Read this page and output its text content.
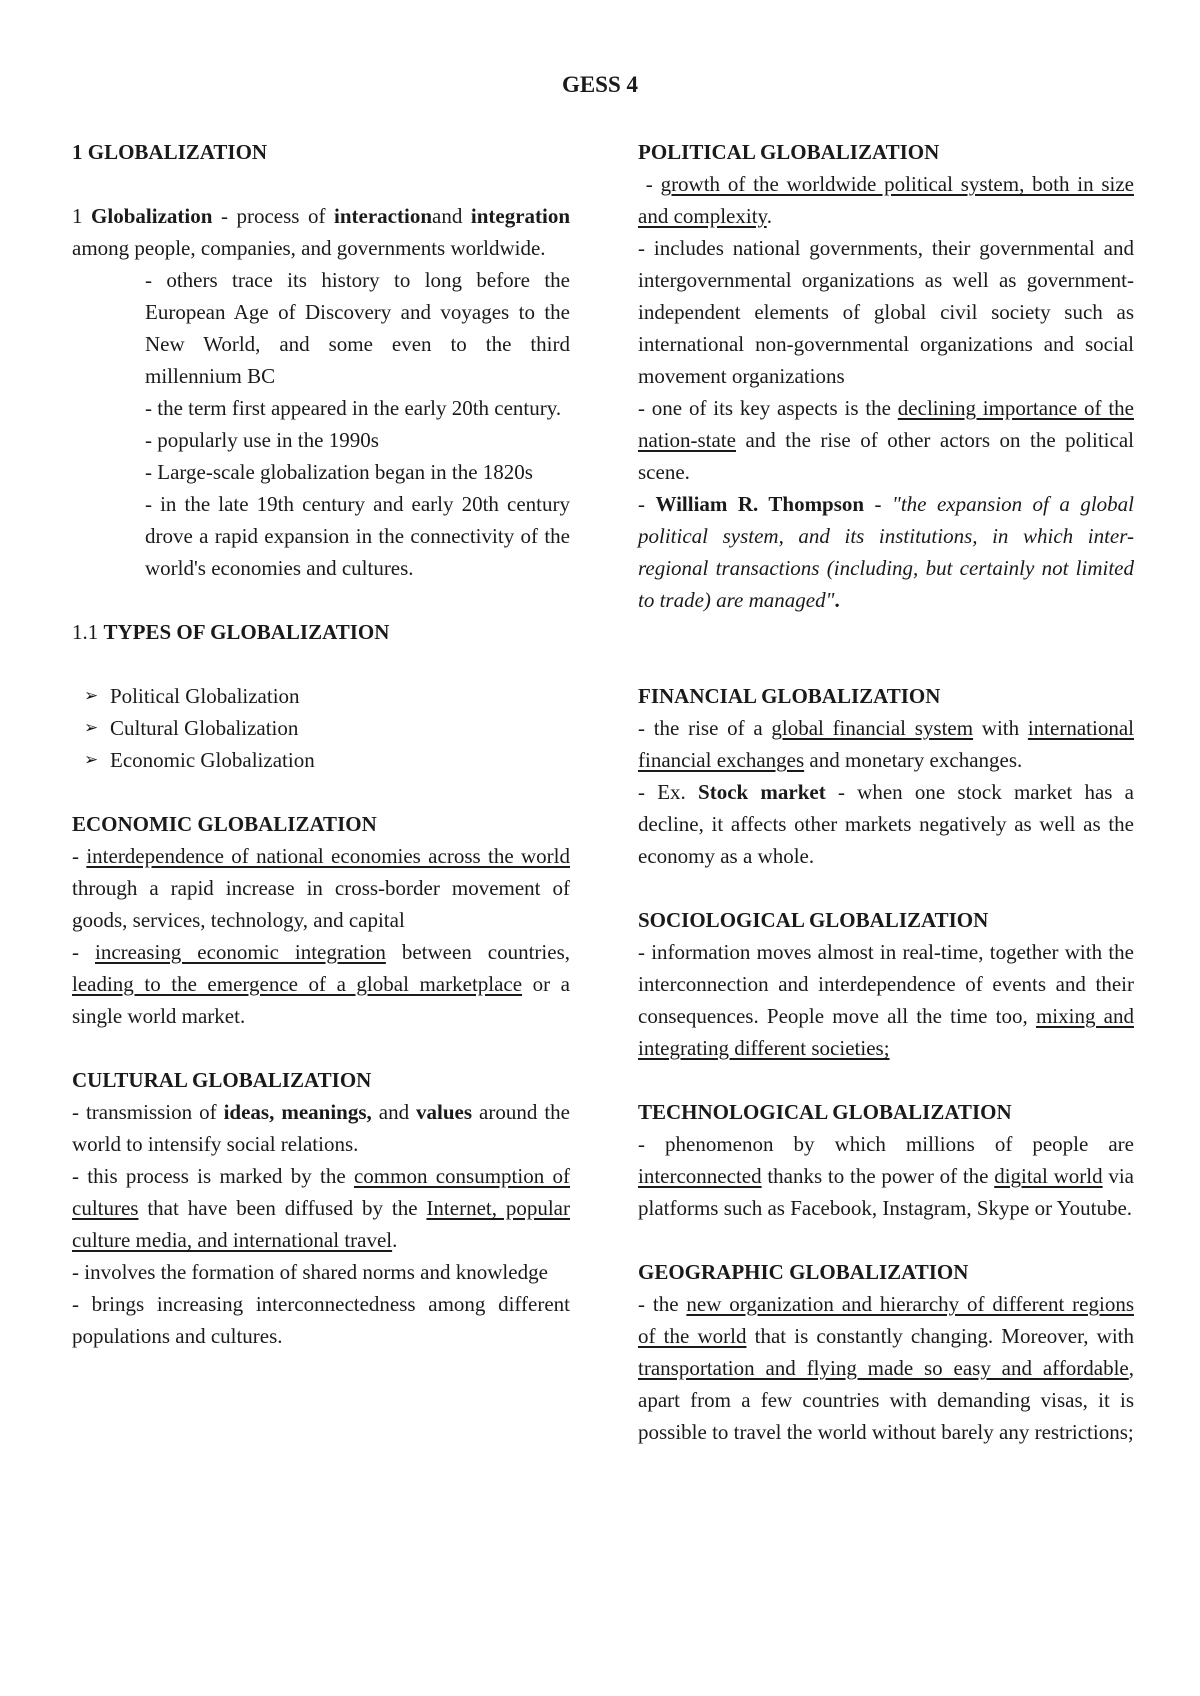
GESS 4

1 GLOBALIZATION

1 Globalization - process of interactionand integration among people, companies, and governments worldwide.

- others trace its history to long before the European Age of Discovery and voyages to the New World, and some even to the third millennium BC

- the term first appeared in the early 20th century.

- popularly use in the 1990s

- Large-scale globalization began in the 1820s

- in the late 19th century and early 20th century drove a rapid expansion in the connectivity of the world's economies and cultures.

1.1 TYPES OF GLOBALIZATION

➢ Political Globalization
➢ Cultural Globalization
➢ Economic Globalization

ECONOMIC GLOBALIZATION

- interdependence of national economies across the world through a rapid increase in cross-border movement of goods, services, technology, and capital

- increasing economic integration between countries, leading to the emergence of a global marketplace or a single world market.

CULTURAL GLOBALIZATION

- transmission of ideas, meanings, and values around the world to intensify social relations.

- this process is marked by the common consumption of cultures that have been diffused by the Internet, popular culture media, and international travel.

- involves the formation of shared norms and knowledge

- brings increasing interconnectedness among different populations and cultures.

POLITICAL GLOBALIZATION

- growth of the worldwide political system, both in size and complexity.

- includes national governments, their governmental and intergovernmental organizations as well as government-independent elements of global civil society such as international non-governmental organizations and social movement organizations

- one of its key aspects is the declining importance of the nation-state and the rise of other actors on the political scene.

- William R. Thompson - "the expansion of a global political system, and its institutions, in which inter-regional transactions (including, but certainly not limited to trade) are managed".

FINANCIAL GLOBALIZATION

- the rise of a global financial system with international financial exchanges and monetary exchanges.

- Ex. Stock market - when one stock market has a decline, it affects other markets negatively as well as the economy as a whole.

SOCIOLOGICAL GLOBALIZATION

- information moves almost in real-time, together with the interconnection and interdependence of events and their consequences. People move all the time too, mixing and integrating different societies;

TECHNOLOGICAL GLOBALIZATION

- phenomenon by which millions of people are interconnected thanks to the power of the digital world via platforms such as Facebook, Instagram, Skype or Youtube.

GEOGRAPHIC GLOBALIZATION

- the new organization and hierarchy of different regions of the world that is constantly changing. Moreover, with transportation and flying made so easy and affordable, apart from a few countries with demanding visas, it is possible to travel the world without barely any restrictions;
